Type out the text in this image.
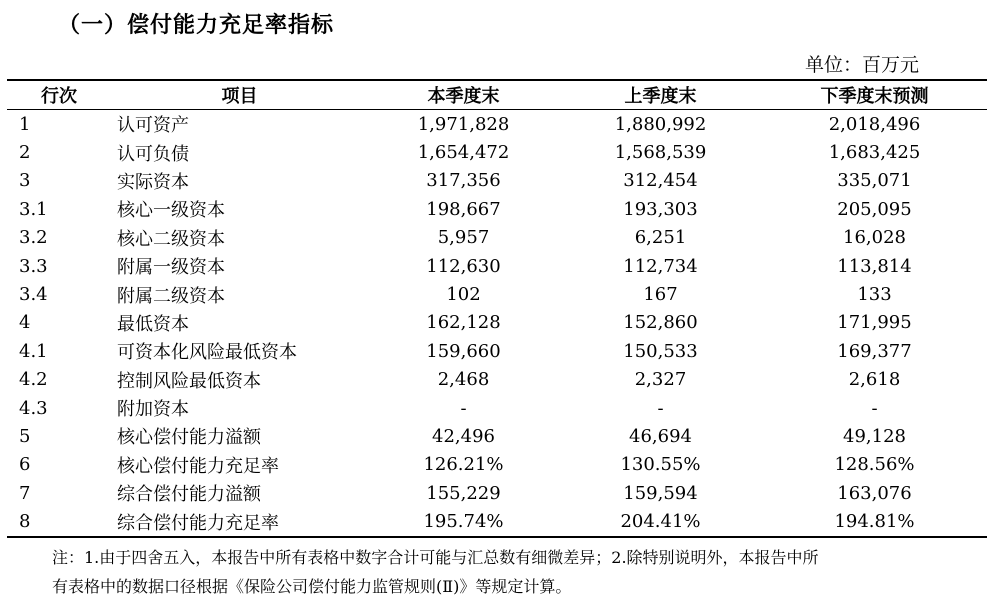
（一）偿付能力充足率指标
单位：百万元
行次	项目	本季度末	上季度末	下季度末预测
1	认可资产	1,971,828	1,880,992	2,018,496
2	认可负债	1,654,472	1,568,539	1,683,425
3	实际资本	317,356	312,454	335,071
3.1	核心一级资本	198,667	193,303	205,095
3.2	核心二级资本	5,957	6,251	16,028
3.3	附属一级资本	112,630	112,734	113,814
3.4	附属二级资本	102	167	133
4	最低资本	162,128	152,860	171,995
4.1	可资本化风险最低资本	159,660	150,533	169,377
4.2	控制风险最低资本	2,468	2,327	2,618
4.3	附加资本	-	-	-
5	核心偿付能力溢额	42,496	46,694	49,128
6	核心偿付能力充足率	126.21%	130.55%	128.56%
7	综合偿付能力溢额	155,229	159,594	163,076
8	综合偿付能力充足率	195.74%	204.41%	194.81%
注：1.由于四舍五入，本报告中所有表格中数字合计可能与汇总数有细微差异；2.除特别说明外，本报告中所
有表格中的数据口径根据《保险公司偿付能力监管规则(Ⅱ)》等规定计算。
